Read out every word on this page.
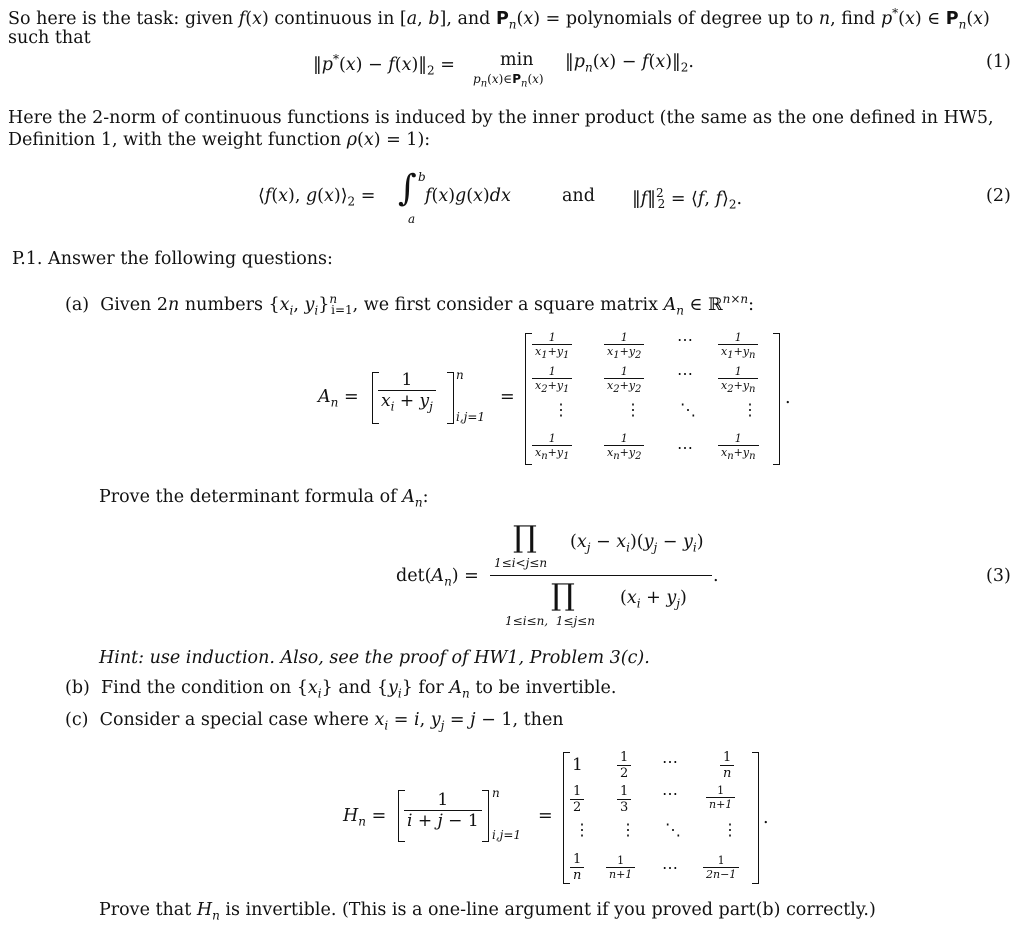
So here is the task: given f(x) continuous in [a, b], and $P_n(x)$ = polynomials of degree up to n, find p*(x) ∈ $P_n(x)$
such that
‖p*(x) − $f(x)‖_2$ =	min
$p_n(x)\in P_n(x)$
$‖p_n(x)$ − $f(x)‖_2$.	(1)
Here the 2-norm of continuous functions is induced by the inner product (the same as the one defined in HW5,
Definition 1, with the weight function ρ(x) = 1):
⟨f(x), $g(x)⟩_2$ = ∫ b
a
f(x)g(x)dx	and ‖f‖$^2_2$ = ⟨f, $f⟩_2$.	(2)
P.1. Answer the following questions:
(a) Given 2n numbers {$x_i$, $y_i\}^n_{i=1}$, we first consider a square matrix $A_n$ ∈ ℝ$^{n\times n}$:
$A_n = \frac{1}{x_i + y_j}$ n
i,j=1
=	.
$\frac{1}{x_1+y_1}$	$\frac{1}{x_1+y_2}$ ⋯ $\frac{1}{x_1+y_n}$
$\frac{1}{x_2+y_1}$	$\frac{1}{x_2+y_2}$ ⋯ $\frac{1}{x_2+y_n}$
⋮	⋮ ⋱	⋮
$\frac{1}{x_n+y_1}$	$\frac{1}{x_n+y_2}$ ⋯ $\frac{1}{x_n+y_n}$
Prove the determinant formula of $A_n$:
$\det(A_n)$ =
∏
1≤i<j≤n
$(x_j - x_i)(y_j - y_i)$
.
∏
1≤i≤n,  1≤j≤n
$(x_i + y_j)$
(3)
Hint: use induction. Also, see the proof of HW1, Problem 3(c).
(b) Find the condition on $\{x_i\}$ and $\{y_i\}$ for $A_n$ to be invertible.
(c) Consider a special case where $x_i = i$, $y_j = j - 1$, then
$H_n = \frac{1}{i + j - 1}$ n
i,j=1
=	.
1	$\frac{1}{2}$ ⋯	$\frac{1}{n}$
$\frac{1}{2}$	$\frac{1}{3}$ ⋯	$\frac{1}{n+1}$
⋮ ⋮ ⋱	⋮
$\frac{1}{n} \frac{1}{n+1}$ ⋯ $\frac{1}{2n-1}$
Prove that $H_n$ is invertible. (This is a one-line argument if you proved part(b) correctly.)
